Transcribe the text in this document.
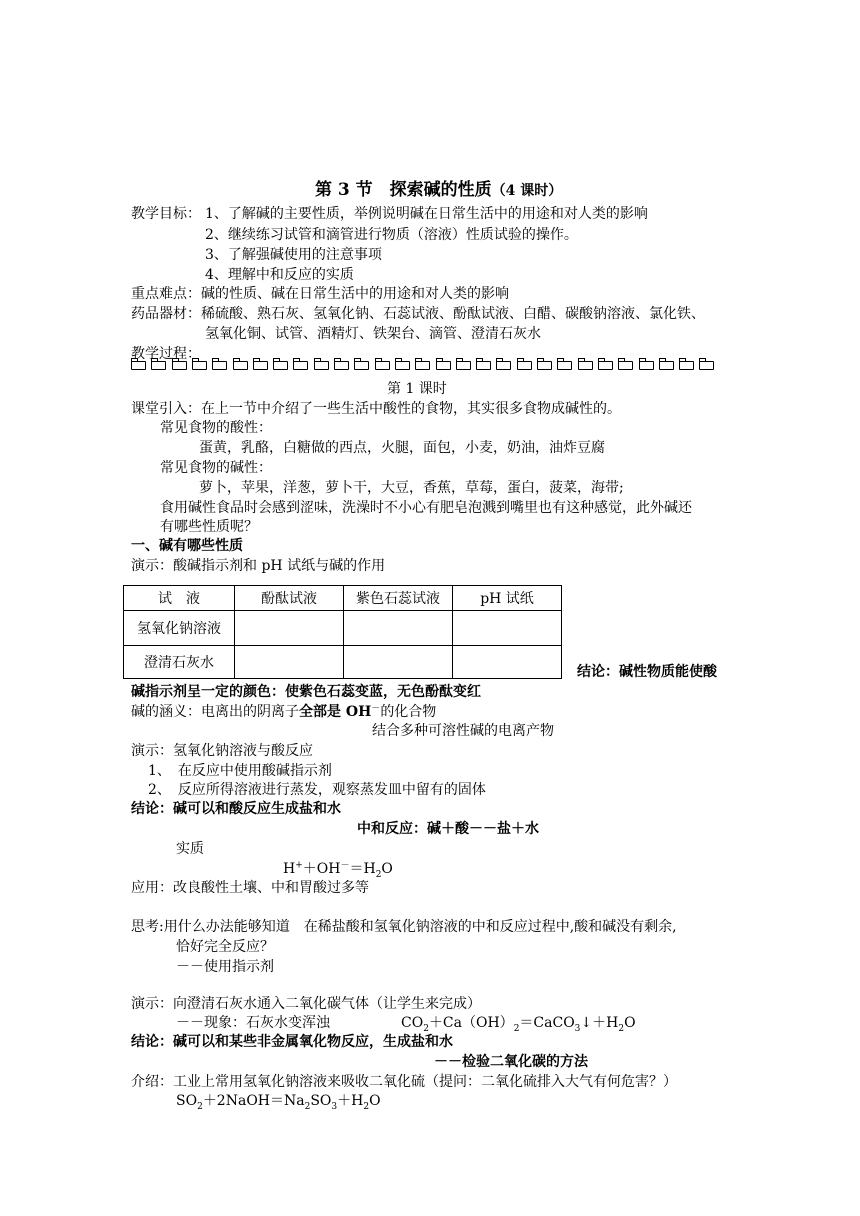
第 3 节　探索碱的性质（4 课时）
教学目标： 1、了解碱的主要性质，举例说明碱在日常生活中的用途和对人类的影响
2、继续练习试管和滴管进行物质（溶液）性质试验的操作。
3、了解强碱使用的注意事项
4、理解中和反应的实质
重点难点：碱的性质、碱在日常生活中的用途和对人类的影响
药品器材：稀硫酸、熟石灰、氢氧化钠、石蕊试液、酚酞试液、白醋、碳酸钠溶液、氯化铁、
氢氧化铜、试管、酒精灯、铁架台、滴管、澄清石灰水
教学过程：
第 1 课时
课堂引入：在上一节中介绍了一些生活中酸性的食物，其实很多食物成碱性的。
常见食物的酸性：
蛋黄，乳酪，白糖做的西点，火腿，面包，小麦，奶油，油炸豆腐
常见食物的碱性：
萝卜，苹果，洋葱，萝卜干，大豆，香蕉，草莓，蛋白，菠菜，海带;
食用碱性食品时会感到涩味，洗澡时不小心有肥皂泡溅到嘴里也有这种感觉，此外碱还
有哪些性质呢？
一、碱有哪些性质
演示：酸碱指示剂和 pH 试纸与碱的作用
试　液	酚酞试液	紫色石蕊试液	pH 试纸
氢氧化钠溶液			
澄清石灰水			
结论：碱性物质能使酸
碱指示剂呈一定的颜色：使紫色石蕊变蓝，无色酚酞变红
碱的涵义：电离出的阴离子全部是 OH－的化合物
结合多种可溶性碱的电离产物
演示：氢氧化钠溶液与酸反应
1、　在反应中使用酸碱指示剂
2、　反应所得溶液进行蒸发，观察蒸发皿中留有的固体
结论：碱可以和酸反应生成盐和水
中和反应：碱＋酸－－盐＋水
实质
$H^++OH^-=H_2O$
应用：改良酸性土壤、中和胃酸过多等
思考:用什么办法能够知道　在稀盐酸和氢氧化钠溶液的中和反应过程中,酸和碱没有剩余,
恰好完全反应？
－－使用指示剂
演示：向澄清石灰水通入二氧化碳气体（让学生来完成）
－－现象：石灰水变浑浊	$CO_2+Ca(OH)_2=CaCO_3↓+H_2O$
结论：碱可以和某些非金属氧化物反应，生成盐和水
－－检验二氧化碳的方法
介绍：工业上常用氢氧化钠溶液来吸收二氧化硫（提问：二氧化硫排入大气有何危害？）
$SO_2+2NaOH=Na_2SO_3+H_2O$
